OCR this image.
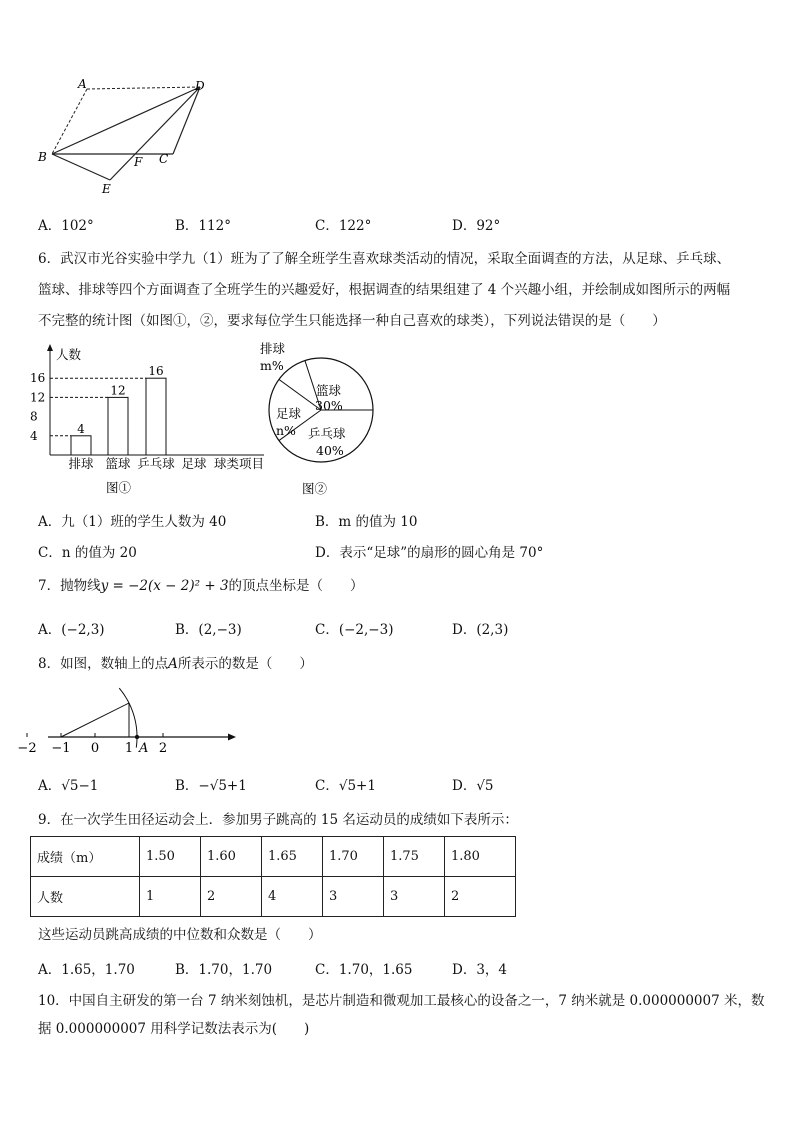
A	D
B	F C
E
A．102°	B．112°	C．122°	D．92°
6．武汉市光谷实验中学九（1）班为了了解全班学生喜欢球类活动的情况，采取全面调查的方法，从足球、乒乓球、
篮球、排球等四个方面调查了全班学生的兴趣爱好，根据调查的结果组建了 4 个兴趣小组，并绘制成如图所示的两幅
不完整的统计图（如图①，②，要求每位学生只能选择一种自己喜欢的球类），下列说法错误的是（　　）
人数
球类项目
图①
4
8
12
16
4
12
16
排球 篮球 乒乓球 足球
图②
篮球
30%
排球
m%
足球
n% 乒乓球
40%
A．九（1）班的学生人数为 40	B．m 的值为 10
C．n 的值为 20	D．表示“足球”的扇形的圆心角是 70°
7．抛物线y = −2(x − 2)² + 3的顶点坐标是（　　）
A．(−2,3)	B．(2,−3)	C．(−2,−3)	D．(2,3)
8．如图，数轴上的点A所表示的数是（　　）
−2 −1 0 1 2
A
A．√5−1	B．−√5+1	C．√5+1	D．√5
9．在一次学生田径运动会上．参加男子跳高的 15 名运动员的成绩如下表所示：
成绩（m）	1.50	1.60	1.65	1.70	1.75	1.80
人数	1	2	4	3	3	2
这些运动员跳高成绩的中位数和众数是（　　）
A．1.65，1.70	B．1.70，1.70	C．1.70，1.65	D．3，4
10．中国自主研发的第一台 7 纳米刻蚀机，是芯片制造和微观加工最核心的设备之一，7 纳米就是 0.000000007 米，数
据 0.000000007 用科学记数法表示为(　　)
